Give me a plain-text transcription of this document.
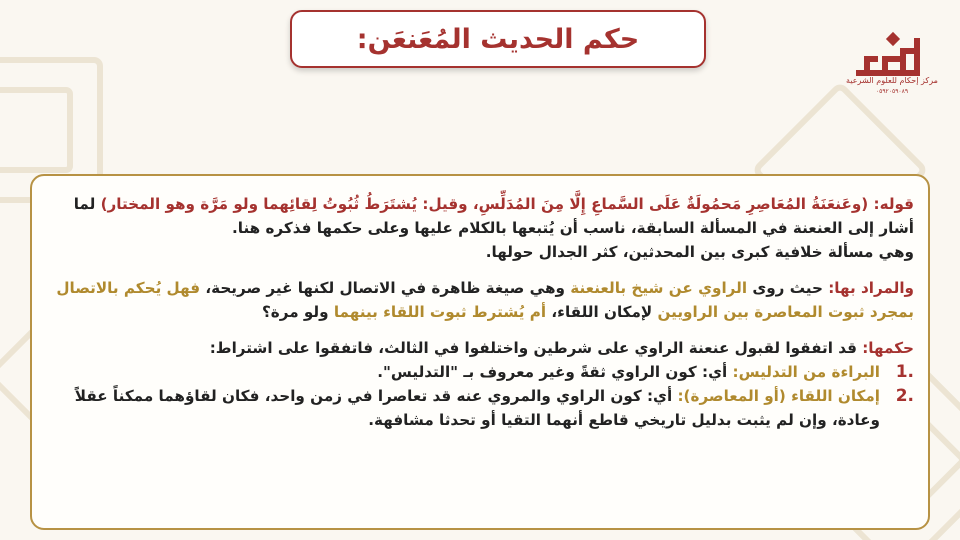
حكم الحديث المُعَنعَن:
مركز إحكام للعلوم الشرعية
٠٥٩٢٠٥٩٠٨٩

قوله: (وعَنعَنَةُ المُعَاصِرِ مَحمُولَةٌ عَلَى السَّماعِ إِلَّا مِنَ المُدَلِّسِ، وقيل: يُشتَرَطُ ثُبُوتُ لِقائِهما ولو مَرَّة وهو المختار) لما أشار إلى العنعنة في المسألة السابقة، ناسب أن يُتبعها بالكلام عليها وعلى حكمها فذكره هنا.
وهي مسألة خلافية كبرى بين المحدثين، كثر الجدال حولها.

والمراد بها: حيث روى الراوي عن شيخ بالعنعنة وهي صيغة ظاهرة في الاتصال لكنها غير صريحة، فهل يُحكم بالاتصال بمجرد ثبوت المعاصرة بين الراويين لإمكان اللقاء، أم يُشترط ثبوت اللقاء بينهما ولو مرة؟

حكمها: قد اتفقوا لقبول عنعنة الراوي على شرطين واختلفوا في الثالث، فاتفقوا على اشتراط:

.1
البراءة من التدليس: أي: كون الراوي ثقةً وغير معروف بـ "التدليس".
.2
إمكان اللقاء (أو المعاصرة): أي: كون الراوي والمروي عنه قد تعاصرا في زمن واحد، فكان لقاؤهما ممكناً عقلاً وعادة، وإن لم يثبت بدليل تاريخي قاطع أنهما التقيا أو تحدثا مشافهة.
